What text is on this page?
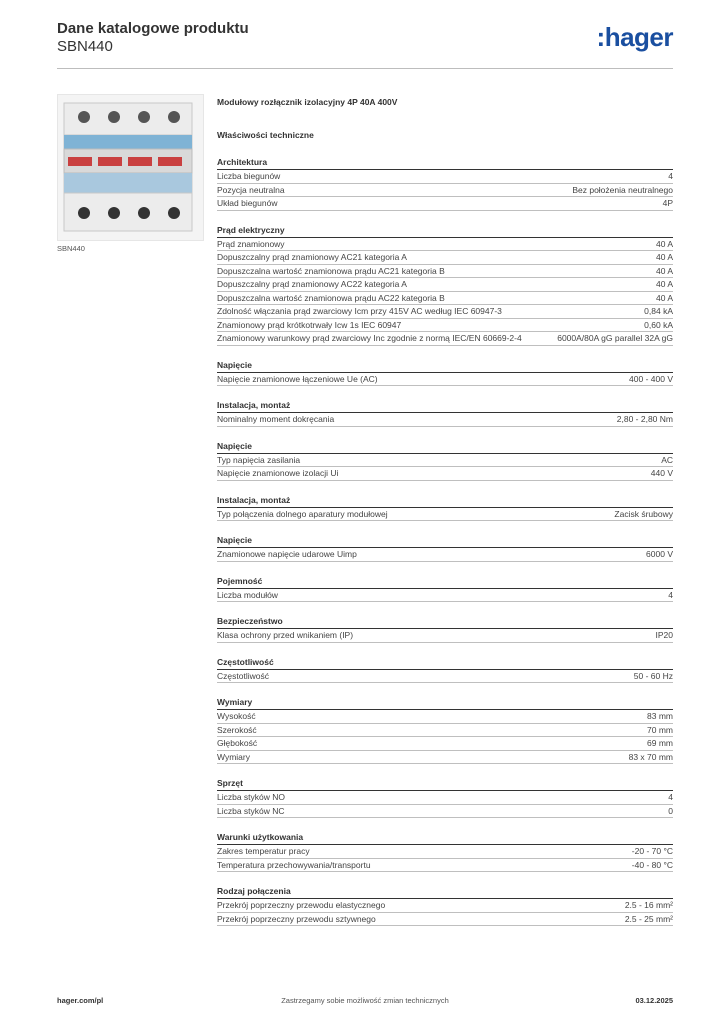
Dane katalogowe produktu
SBN440	:hager
SBN440
Modułowy rozłącznik izolacyjny 4P 40A 400V
Właściwości techniczne
Architektura
Liczba biegunów	4
Pozycja neutralna	Bez położenia neutralnego
Układ biegunów	4P
Prąd elektryczny
Prąd znamionowy	40 A
Dopuszczalny prąd znamionowy AC21 kategoria A	40 A
Dopuszczalna wartość znamionowa prądu AC21 kategoria B	40 A
Dopuszczalny prąd znamionowy AC22 kategoria A	40 A
Dopuszczalna wartość znamionowa prądu AC22 kategoria B	40 A
Zdolność włączania prąd zwarciowy Icm przy 415V AC według IEC 60947-3	0,84 kA
Znamionowy prąd krótkotrwały Icw 1s IEC 60947	0,60 kA
Znamionowy warunkowy prąd zwarciowy Inc zgodnie z normą IEC/EN 60669-2-4	6000A/80A gG parallel 32A gG
Napięcie
Napięcie znamionowe łączeniowe Ue (AC)	400 - 400 V
Instalacja, montaż
Nominalny moment dokręcania	2,80 - 2,80 Nm
Napięcie
Typ napięcia zasilania	AC
Napięcie znamionowe izolacji Ui	440 V
Instalacja, montaż
Typ połączenia dolnego aparatury modułowej	Zacisk śrubowy
Napięcie
Znamionowe napięcie udarowe Uimp	6000 V
Pojemność
Liczba modułów	4
Bezpieczeństwo
Klasa ochrony przed wnikaniem (IP)	IP20
Częstotliwość
Częstotliwość	50 - 60 Hz
Wymiary
Wysokość	83 mm
Szerokość	70 mm
Głębokość	69 mm
Wymiary	83 x 70 mm
Sprzęt
Liczba styków NO	4
Liczba styków NC	0
Warunki użytkowania
Zakres temperatur pracy	-20 - 70 °C
Temperatura przechowywania/transportu	-40 - 80 °C
Rodzaj połączenia
Przekrój poprzeczny przewodu elastycznego	2.5 - 16 mm²
Przekrój poprzeczny przewodu sztywnego	2.5 - 25 mm²
hager.com/pl	Zastrzegamy sobie możliwość zmian technicznych	03.12.2025
